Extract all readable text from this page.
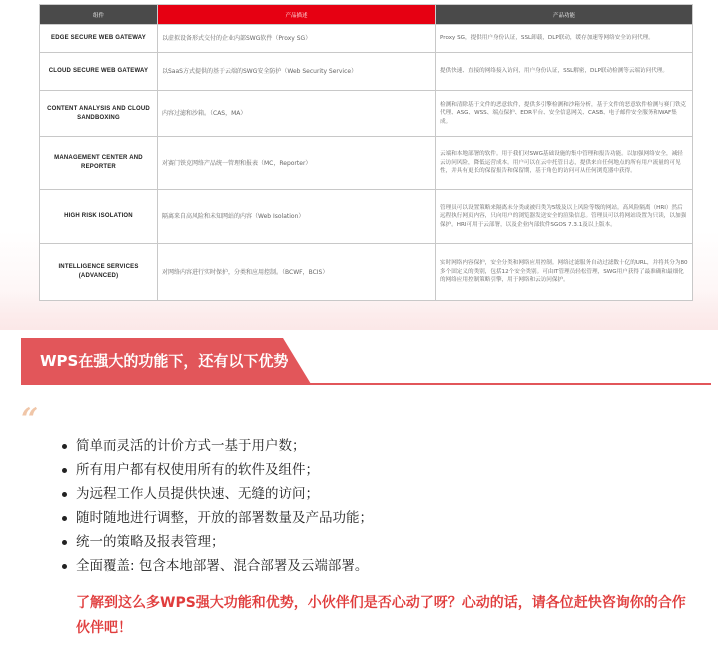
组件	产品描述	产品功能
EDGE SECURE WEB GATEWAY	以虚拟设备形式交付的企业内部SWG软件（Proxy SG）	Proxy SG，提供用户身份认证，SSL卸载，DLP联动，缓存加速等网络安全访问代理。
CLOUD SECURE WEB GATEWAY	以SaaS方式提供的基于云端的SWG安全防护（Web Security Service）	提供快速、直接的网络接入访问，用户身份认证，SSL解密，DLP联动检测等云端访问代理。
CONTENT ANALYSIS AND CLOUD SANDBOXING	内容过滤和沙箱。（CAS，MA）	检测和清除基于文件的恶意软件，提供多引擎检测和沙箱分析，基于文件的恶意软件检测与赛门铁克代理、ASG、WSS、端点保护、EDR平台、安全信息网关、CASB、电子邮件安全服务和WAF集成。
MANAGEMENT CENTER AND REPORTER	对赛门铁克网络产品统一管理和报表（MC，Reporter）	云端和本地部署的软件。用于我们对SWG基础设施的集中管理和报告功能。以加强网络安全，减轻云访问风险，降低运营成本。用户可以在云中托管日志，提供来自任何地点的所有用户流量的可见性，并具有更长的保留报告和保留期，基于角色的访问可从任何浏览器中获得。
HIGH RISK ISOLATION	隔离来自高风险和未知网站的内容（Web Isolation）	管理员可以设置策略来隔离未分类或被归类为5级及以上风险等级的网站。高风险隔离（HRI）然后远程执行网页内容，只向用户的浏览器发送安全的渲染信息。管理员可以将网站设置为只读，以加强保护。HRI可用于云部署，以及企业内部软件SGOS 7.3.1及以上版本。
INTELLIGENCE SERVICES (ADVANCED)	对网络内容进行实时保护，分类和应用控制。（BCWF，BCIS）	实时网络内容保护，安全分类和网络应用控制。网络过滤服务自动过滤数十亿的URL，并将其分为80多个固定义的类别，包括12个安全类别。可由IT管理员轻松管理，SWG用户获得了最准确和最细化的网络应用控制策略引擎，用于网络和云访问保护。
WPS在强大的功能下，还有以下优势
“
简单而灵活的计价方式一基于用户数；
所有用户都有权使用所有的软件及组件；
为远程工作人员提供快速、无缝的访问；
随时随地进行调整，开放的部署数量及产品功能；
统一的策略及报表管理；
全面覆盖: 包含本地部署、混合部署及云端部署。
了解到这么多WPS强大功能和优势，小伙伴们是否心动了呀？心动的话，请各位赶快咨询你的合作伙伴吧！
